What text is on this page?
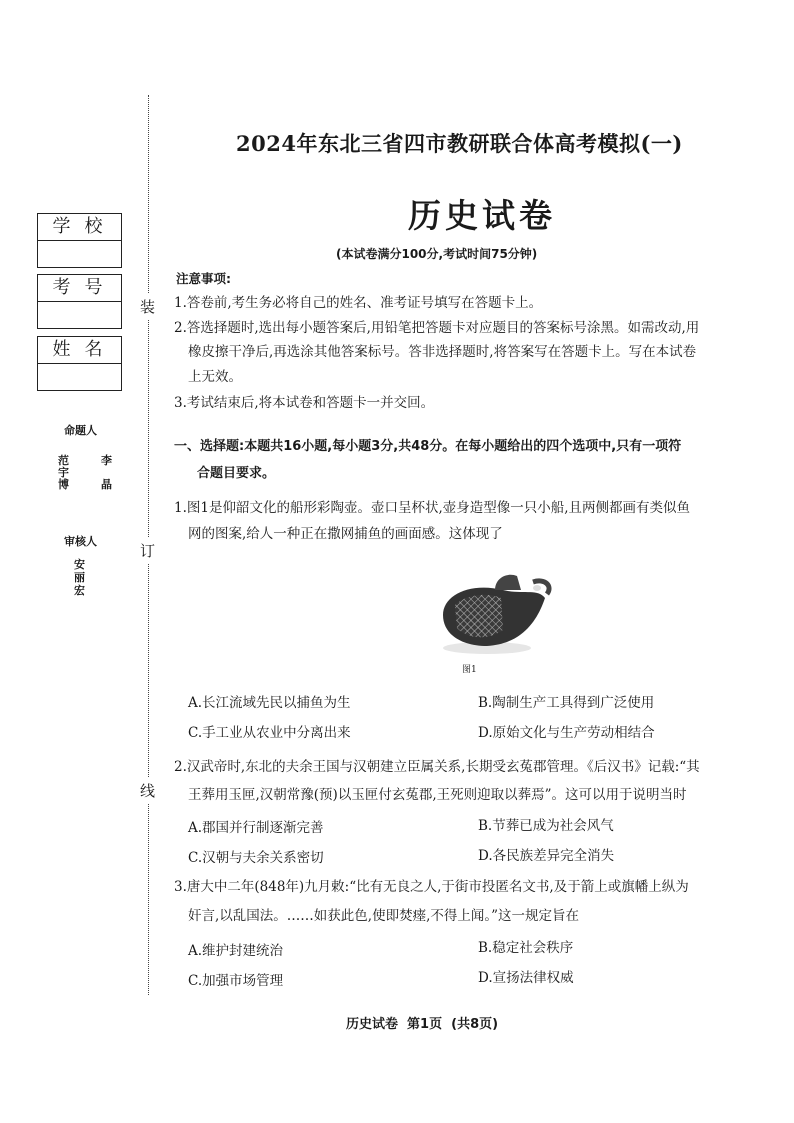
学校
考号
姓名
命题人
范
宇
博
李

晶
审核人
安
丽
宏
装
订
线
2024年东北三省四市教研联合体高考模拟(一)
历史试卷
(本试卷满分100分,考试时间75分钟)
注意事项:
1.答卷前,考生务必将自己的姓名、准考证号填写在答题卡上。
2.答选择题时,选出每小题答案后,用铅笔把答题卡对应题目的答案标号涂黑。如需改动,用
橡皮擦干净后,再选涂其他答案标号。答非选择题时,将答案写在答题卡上。写在本试卷
上无效。
3.考试结束后,将本试卷和答题卡一并交回。
一、选择题:本题共16小题,每小题3分,共48分。在每小题给出的四个选项中,只有一项符
合题目要求。
1.图1是仰韶文化的船形彩陶壶。壶口呈杯状,壶身造型像一只小船,且两侧都画有类似鱼
网的图案,给人一种正在撒网捕鱼的画面感。这体现了
图1
A.长江流域先民以捕鱼为生	B.陶制生产工具得到广泛使用
C.手工业从农业中分离出来	D.原始文化与生产劳动相结合
2.汉武帝时,东北的夫余王国与汉朝建立臣属关系,长期受玄菟郡管理。《后汉书》记载:“其
王葬用玉匣,汉朝常豫(预)以玉匣付玄菟郡,王死则迎取以葬焉”。这可以用于说明当时
A.郡国并行制逐渐完善	B.节葬已成为社会风气
C.汉朝与夫余关系密切	D.各民族差异完全消失
3.唐大中二年(848年)九月敕:“比有无良之人,于街市投匿名文书,及于箭上或旗幡上纵为
奸言,以乱国法。……如获此色,使即焚瘗,不得上闻。”这一规定旨在
A.维护封建统治	B.稳定社会秩序
C.加强市场管理	D.宣扬法律权威
历史试卷  第1页  (共8页)
